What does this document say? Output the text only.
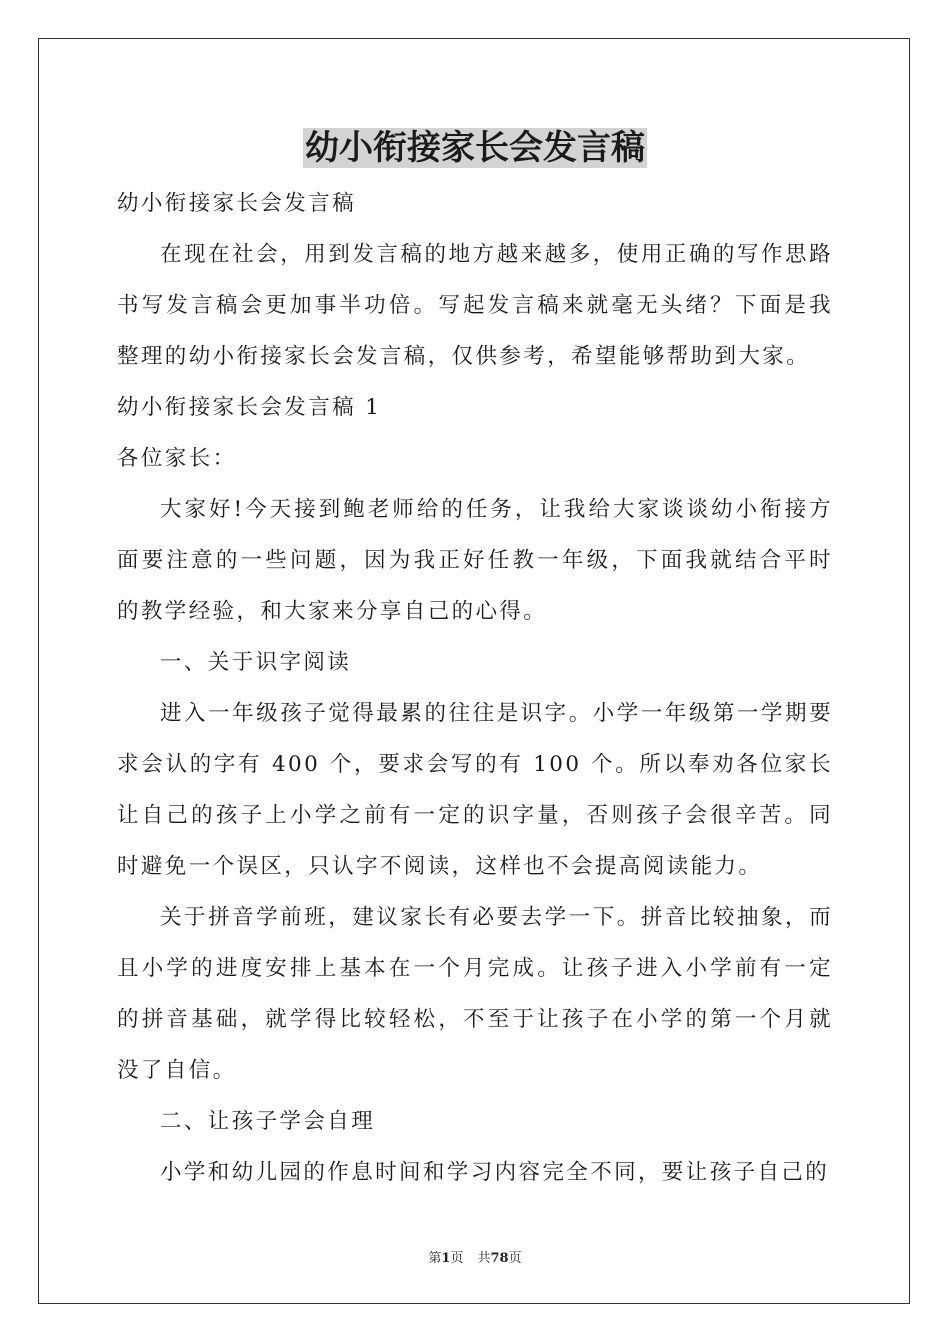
幼小衔接家长会发言稿

幼小衔接家长会发言稿

在现在社会，用到发言稿的地方越来越多，使用正确的写作思路书写发言稿会更加事半功倍。写起发言稿来就毫无头绪？下面是我整理的幼小衔接家长会发言稿，仅供参考，希望能够帮助到大家。

幼小衔接家长会发言稿 1

各位家长：

大家好!今天接到鲍老师给的任务，让我给大家谈谈幼小衔接方面要注意的一些问题，因为我正好任教一年级，下面我就结合平时的教学经验，和大家来分享自己的心得。

一、关于识字阅读

进入一年级孩子觉得最累的往往是识字。小学一年级第一学期要求会认的字有 400 个，要求会写的有 100 个。所以奉劝各位家长让自己的孩子上小学之前有一定的识字量，否则孩子会很辛苦。同时避免一个误区，只认字不阅读，这样也不会提高阅读能力。

关于拼音学前班，建议家长有必要去学一下。拼音比较抽象，而且小学的进度安排上基本在一个月完成。让孩子进入小学前有一定的拼音基础，就学得比较轻松，不至于让孩子在小学的第一个月就没了自信。

二、让孩子学会自理

小学和幼儿园的作息时间和学习内容完全不同，要让孩子自己的

第1页 共78页
